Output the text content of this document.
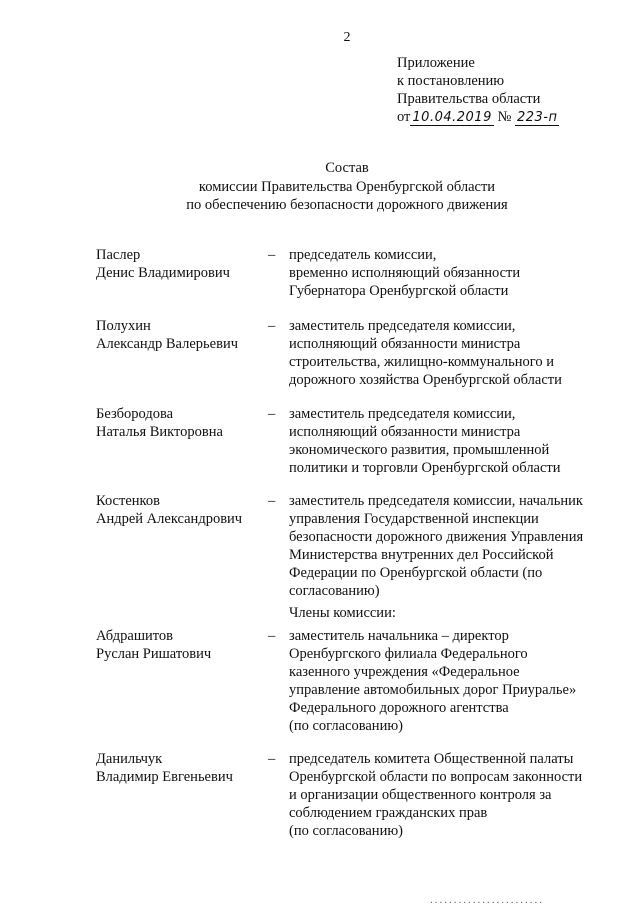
2
Приложение
к постановлению
Правительства области
от 10.04.2019 № 223-п
Состав
комиссии Правительства Оренбургской области
по обеспечению безопасности дорожного движения
Паслер
Денис Владимирович
– председатель комиссии,
временно исполняющий обязанности
Губернатора Оренбургской области
Полухин
Александр Валерьевич
– заместитель председателя комиссии,
исполняющий обязанности министра
строительства, жилищно-коммунального и
дорожного хозяйства Оренбургской области
Безбородова
Наталья Викторовна
– заместитель председателя комиссии,
исполняющий обязанности министра
экономического развития, промышленной
политики и торговли Оренбургской области
Костенков
Андрей Александрович
– заместитель председателя комиссии, начальник
управления Государственной инспекции
безопасности дорожного движения Управления
Министерства внутренних дел Российской
Федерации по Оренбургской области (по
согласованию)
Члены комиссии:
Абдрашитов
Руслан Ришатович
– заместитель начальника – директор
Оренбургского филиала Федерального
казенного учреждения «Федеральное
управление автомобильных дорог Приуралье»
Федерального дорожного агентства
(по согласованию)
Данильчук
Владимир Евгеньевич
– председатель комитета Общественной палаты
Оренбургской области по вопросам законности
и организации общественного контроля за
соблюдением гражданских прав
(по согласованию)
........................
